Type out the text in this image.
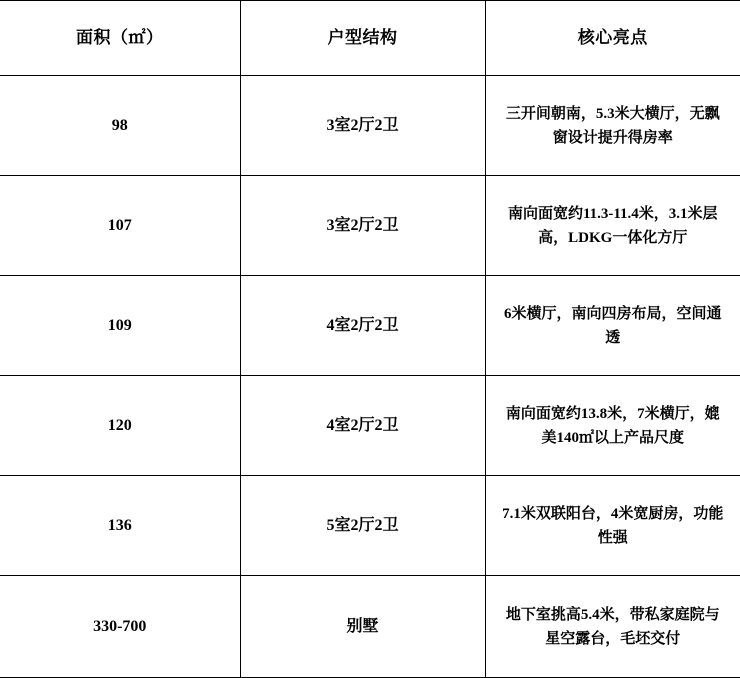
面积（㎡）	户型结构	核心亮点
98	3室2厅2卫	三开间朝南，5.3米大横厅，无飘窗设计提升得房率
107	3室2厅2卫	南向面宽约11.3-11.4米，3.1米层高，LDKG一体化方厅
109	4室2厅2卫	6米横厅，南向四房布局，空间通透
120	4室2厅2卫	南向面宽约13.8米，7米横厅，媲美140㎡以上产品尺度
136	5室2厅2卫	7.1米双联阳台，4米宽厨房，功能性强
330-700	别墅	地下室挑高5.4米，带私家庭院与星空露台，毛坯交付
